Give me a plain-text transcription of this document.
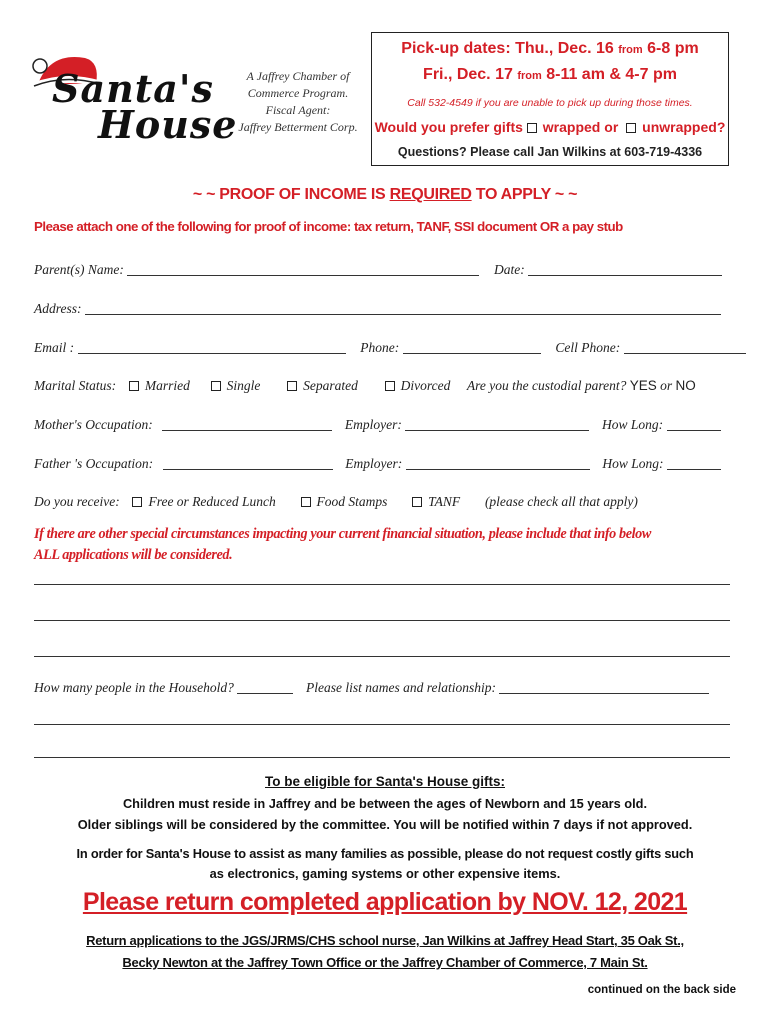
Santa's
House
A Jaffrey Chamber of
Commerce Program.
Fiscal Agent:
Jaffrey Betterment Corp.
Pick-up dates: Thu., Dec. 16 from 6-8 pm
Fri., Dec. 17 from 8-11 am & 4-7 pm
Call 532-4549 if you are unable to pick up during those times.
Would you prefer gifts wrapped or unwrapped?
Questions? Please call Jan Wilkins at 603-719-4336
~ ~ PROOF OF INCOME IS REQUIRED TO APPLY ~ ~
Please attach one of the following for proof of income: tax return, TANF, SSI document OR a pay stub
Parent(s) Name:	Date:
Address:
Email :	Phone:	Cell Phone:
Marital Status: Married	Single	Separated	Divorced Are you the custodial parent? YES or NO
Mother's Occupation:	Employer:	How Long:
Father 's Occupation:	Employer:	How Long:
Do you receive: Free or Reduced Lunch	Food Stamps	TANF (please check all that apply)
If there are other special circumstances impacting your current financial situation, please include that info below
ALL applications will be considered.
How many people in the Household?	Please list names and relationship:
To be eligible for Santa's House gifts:
Children must reside in Jaffrey and be between the ages of Newborn and 15 years old.
Older siblings will be considered by the committee. You will be notified within 7 days if not approved.
In order for Santa's House to assist as many families as possible, please do not request costly gifts such
as electronics, gaming systems or other expensive items.
Please return completed application by NOV. 12, 2021
Return applications to the JGS/JRMS/CHS school nurse, Jan Wilkins at Jaffrey Head Start, 35 Oak St.,
Becky Newton at the Jaffrey Town Office or the Jaffrey Chamber of Commerce, 7 Main St.
continued on the back side
